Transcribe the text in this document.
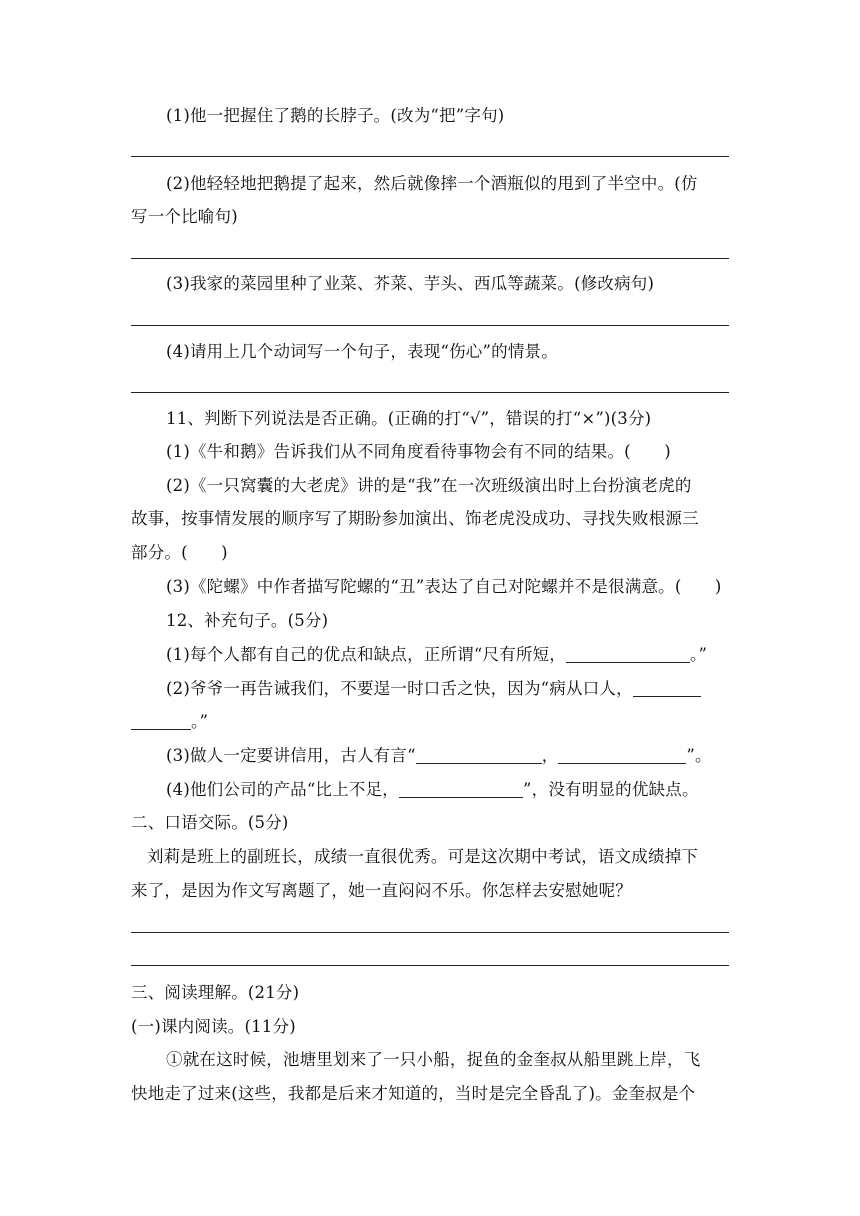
(1)他一把握住了鹅的长脖子。(改为“把”字句)
(2)他轻轻地把鹅提了起来，然后就像摔一个酒瓶似的甩到了半空中。(仿
写一个比喻句)
(3)我家的菜园里种了业菜、芥菜、芋头、西瓜等蔬菜。(修改病句)
(4)请用上几个动词写一个句子，表现“伤心”的情景。
11、判断下列说法是否正确。(正确的打“√”，错误的打“×”)(3分)
(1)《牛和鹅》告诉我们从不同角度看待事物会有不同的结果。(　　)
(2)《一只窝囊的大老虎》讲的是“我”在一次班级演出时上台扮演老虎的
故事，按事情发展的顺序写了期盼参加演出、饰老虎没成功、寻找失败根源三
部分。(　　)
(3)《陀螺》中作者描写陀螺的“丑”表达了自己对陀螺并不是很满意。(　　)
12、补充句子。(5分)
(1)每个人都有自己的优点和缺点，正所谓“尺有所短，	。”
(2)爷爷一再告诫我们，不要逞一时口舌之快，因为“病从口人，
。”
(3)做人一定要讲信用，古人有言“	，	”。
(4)他们公司的产品“比上不足，	”，没有明显的优缺点。
二、口语交际。(5分)
刘莉是班上的副班长，成绩一直很优秀。可是这次期中考试，语文成绩掉下
来了，是因为作文写离题了，她一直闷闷不乐。你怎样去安慰她呢？
三、阅读理解。(21分)
(一)课内阅读。(11分)
①就在这时候，池塘里划来了一只小船，捉鱼的金奎叔从船里跳上岸，飞
快地走了过来(这些，我都是后来才知道的，当时是完全昏乱了)。金奎叔是个
